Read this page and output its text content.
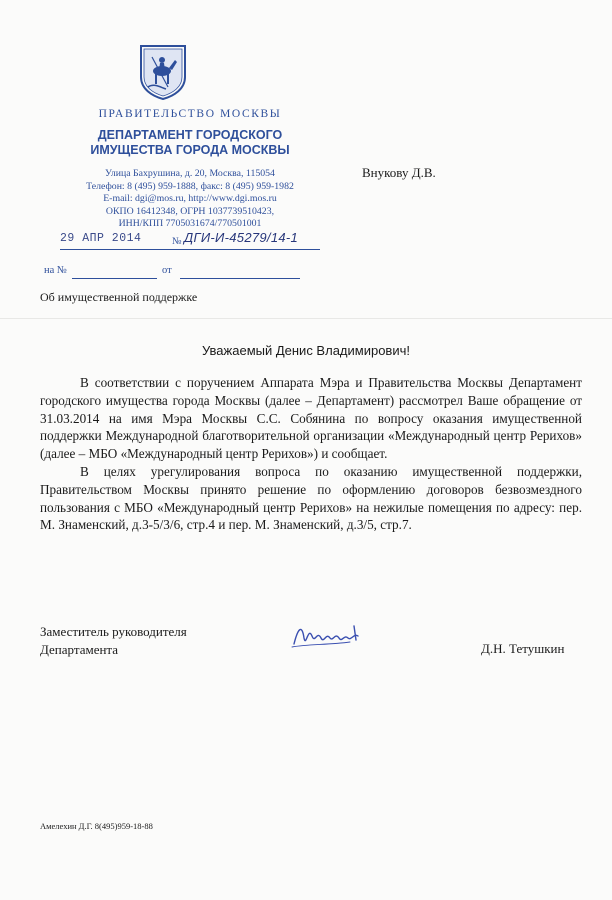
ПРАВИТЕЛЬСТВО МОСКВЫ
ДЕПАРТАМЕНТ ГОРОДСКОГО
ИМУЩЕСТВА ГОРОДА МОСКВЫ
Улица Бахрушина, д. 20, Москва, 115054
Телефон: 8 (495) 959-1888, факс: 8 (495) 959-1982
E-mail: dgi@mos.ru, http://www.dgi.mos.ru
ОКПО 16412348, ОГРН 1037739510423,
ИНН/КПП 7705031674/770501001
29 АПР 2014	№ ДГИ-И-45279/14-1
на №	от
Внукову Д.В.
Об имущественной поддержке
Уважаемый Денис Владимирович!

В соответствии с поручением Аппарата Мэра и Правительства Москвы Департамент городского имущества города Москвы (далее – Департамент) рассмотрел Ваше обращение от 31.03.2014 на имя Мэра Москвы С.С. Собянина по вопросу оказания имущественной поддержки Международной благотворительной организации «Международный центр Рерихов» (далее – МБО «Международный центр Рерихов») и сообщает.

В целях урегулирования вопроса по оказанию имущественной поддержки, Правительством Москвы принято решение по оформлению договоров безвозмездного пользования с МБО «Международный центр Рерихов» на нежилые помещения по адресу: пер. М. Знаменский, д.3-5/3/6, стр.4 и пер. М. Знаменский, д.3/5, стр.7.

Заместитель руководителя
Департамента	Д.Н. Тетушкин
Амелехин Д.Г. 8(495)959-18-88
